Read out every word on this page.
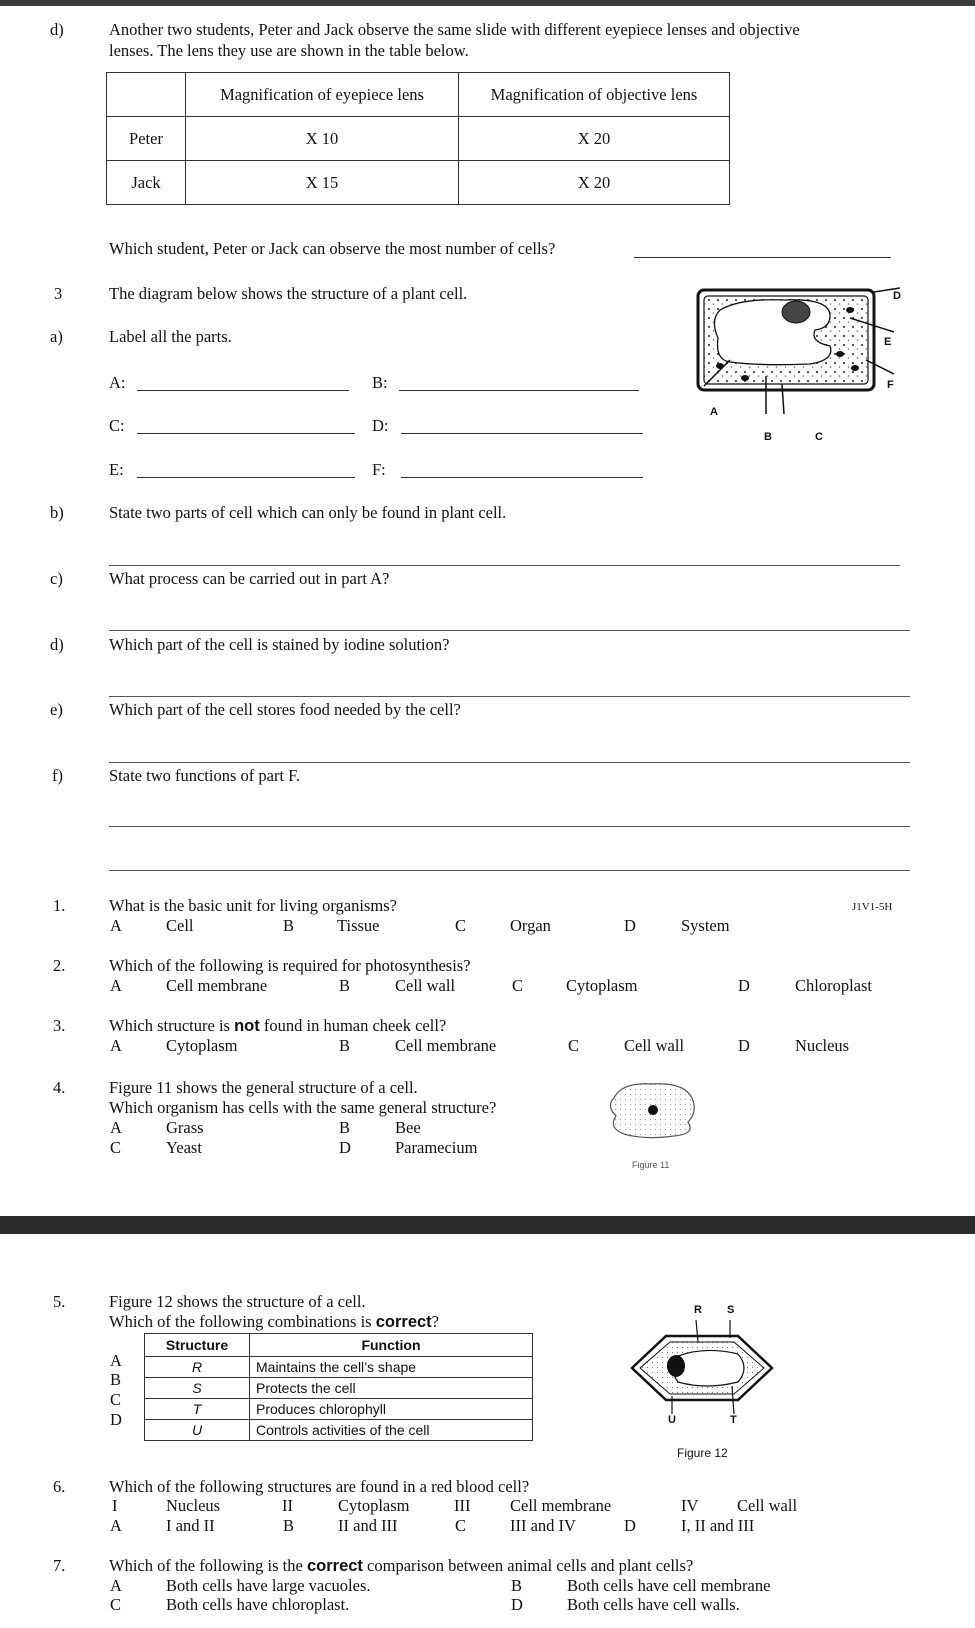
d)	Another two students, Peter and Jack observe the same slide with different eyepiece lenses and objective
lenses. The lens they use are shown in the table below.
	Magnification of eyepiece lens	Magnification of objective lens
Peter	X 10	X 20
Jack	X 15	X 20
Which student, Peter or Jack can observe the most number of cells?
3	The diagram below shows the structure of a plant cell.
a)	Label all the parts.
A:	B:
C:	D:
E:	F:
D
E
F
A
B	C
b)	State two parts of cell which can only be found in plant cell.
c)	What process can be carried out in part A?
d)	Which part of the cell is stained by iodine solution?
e)	Which part of the cell stores food needed by the cell?
f)	State two functions of part F.
1.	What is the basic unit for living organisms?	J1V1-5H
A	Cell	B	Tissue	C	Organ	D	System
2.	Which of the following is required for photosynthesis?
A	Cell membrane	B	Cell wall	C	Cytoplasm	D	Chloroplast
3.	Which structure is not found in human cheek cell?
A	Cytoplasm	B	Cell membrane	C	Cell wall	D	Nucleus
4.	Figure 11 shows the general structure of a cell.
Which organism has cells with the same general structure?
A	Grass	B	Bee
C	Yeast	D	Paramecium
Figure 11
5.	Figure 12 shows the structure of a cell.
Which of the following combinations is correct?
A
B
C
D
Structure	Function
R	Maintains the cell’s shape
S	Protects the cell
T	Produces chlorophyll
U	Controls activities of the cell
R S
U	T
Figure 12
6.	Which of the following structures are found in a red blood cell?
I	Nucleus	II	Cytoplasm	III Cell membrane	IV Cell wall
A	I and II	B	II and III	C	III and IV	D	I, II and III
7.	Which of the following is the correct comparison between animal cells and plant cells?
A	Both cells have large vacuoles.	B	Both cells have cell membrane
C	Both cells have chloroplast.	D	Both cells have cell walls.
